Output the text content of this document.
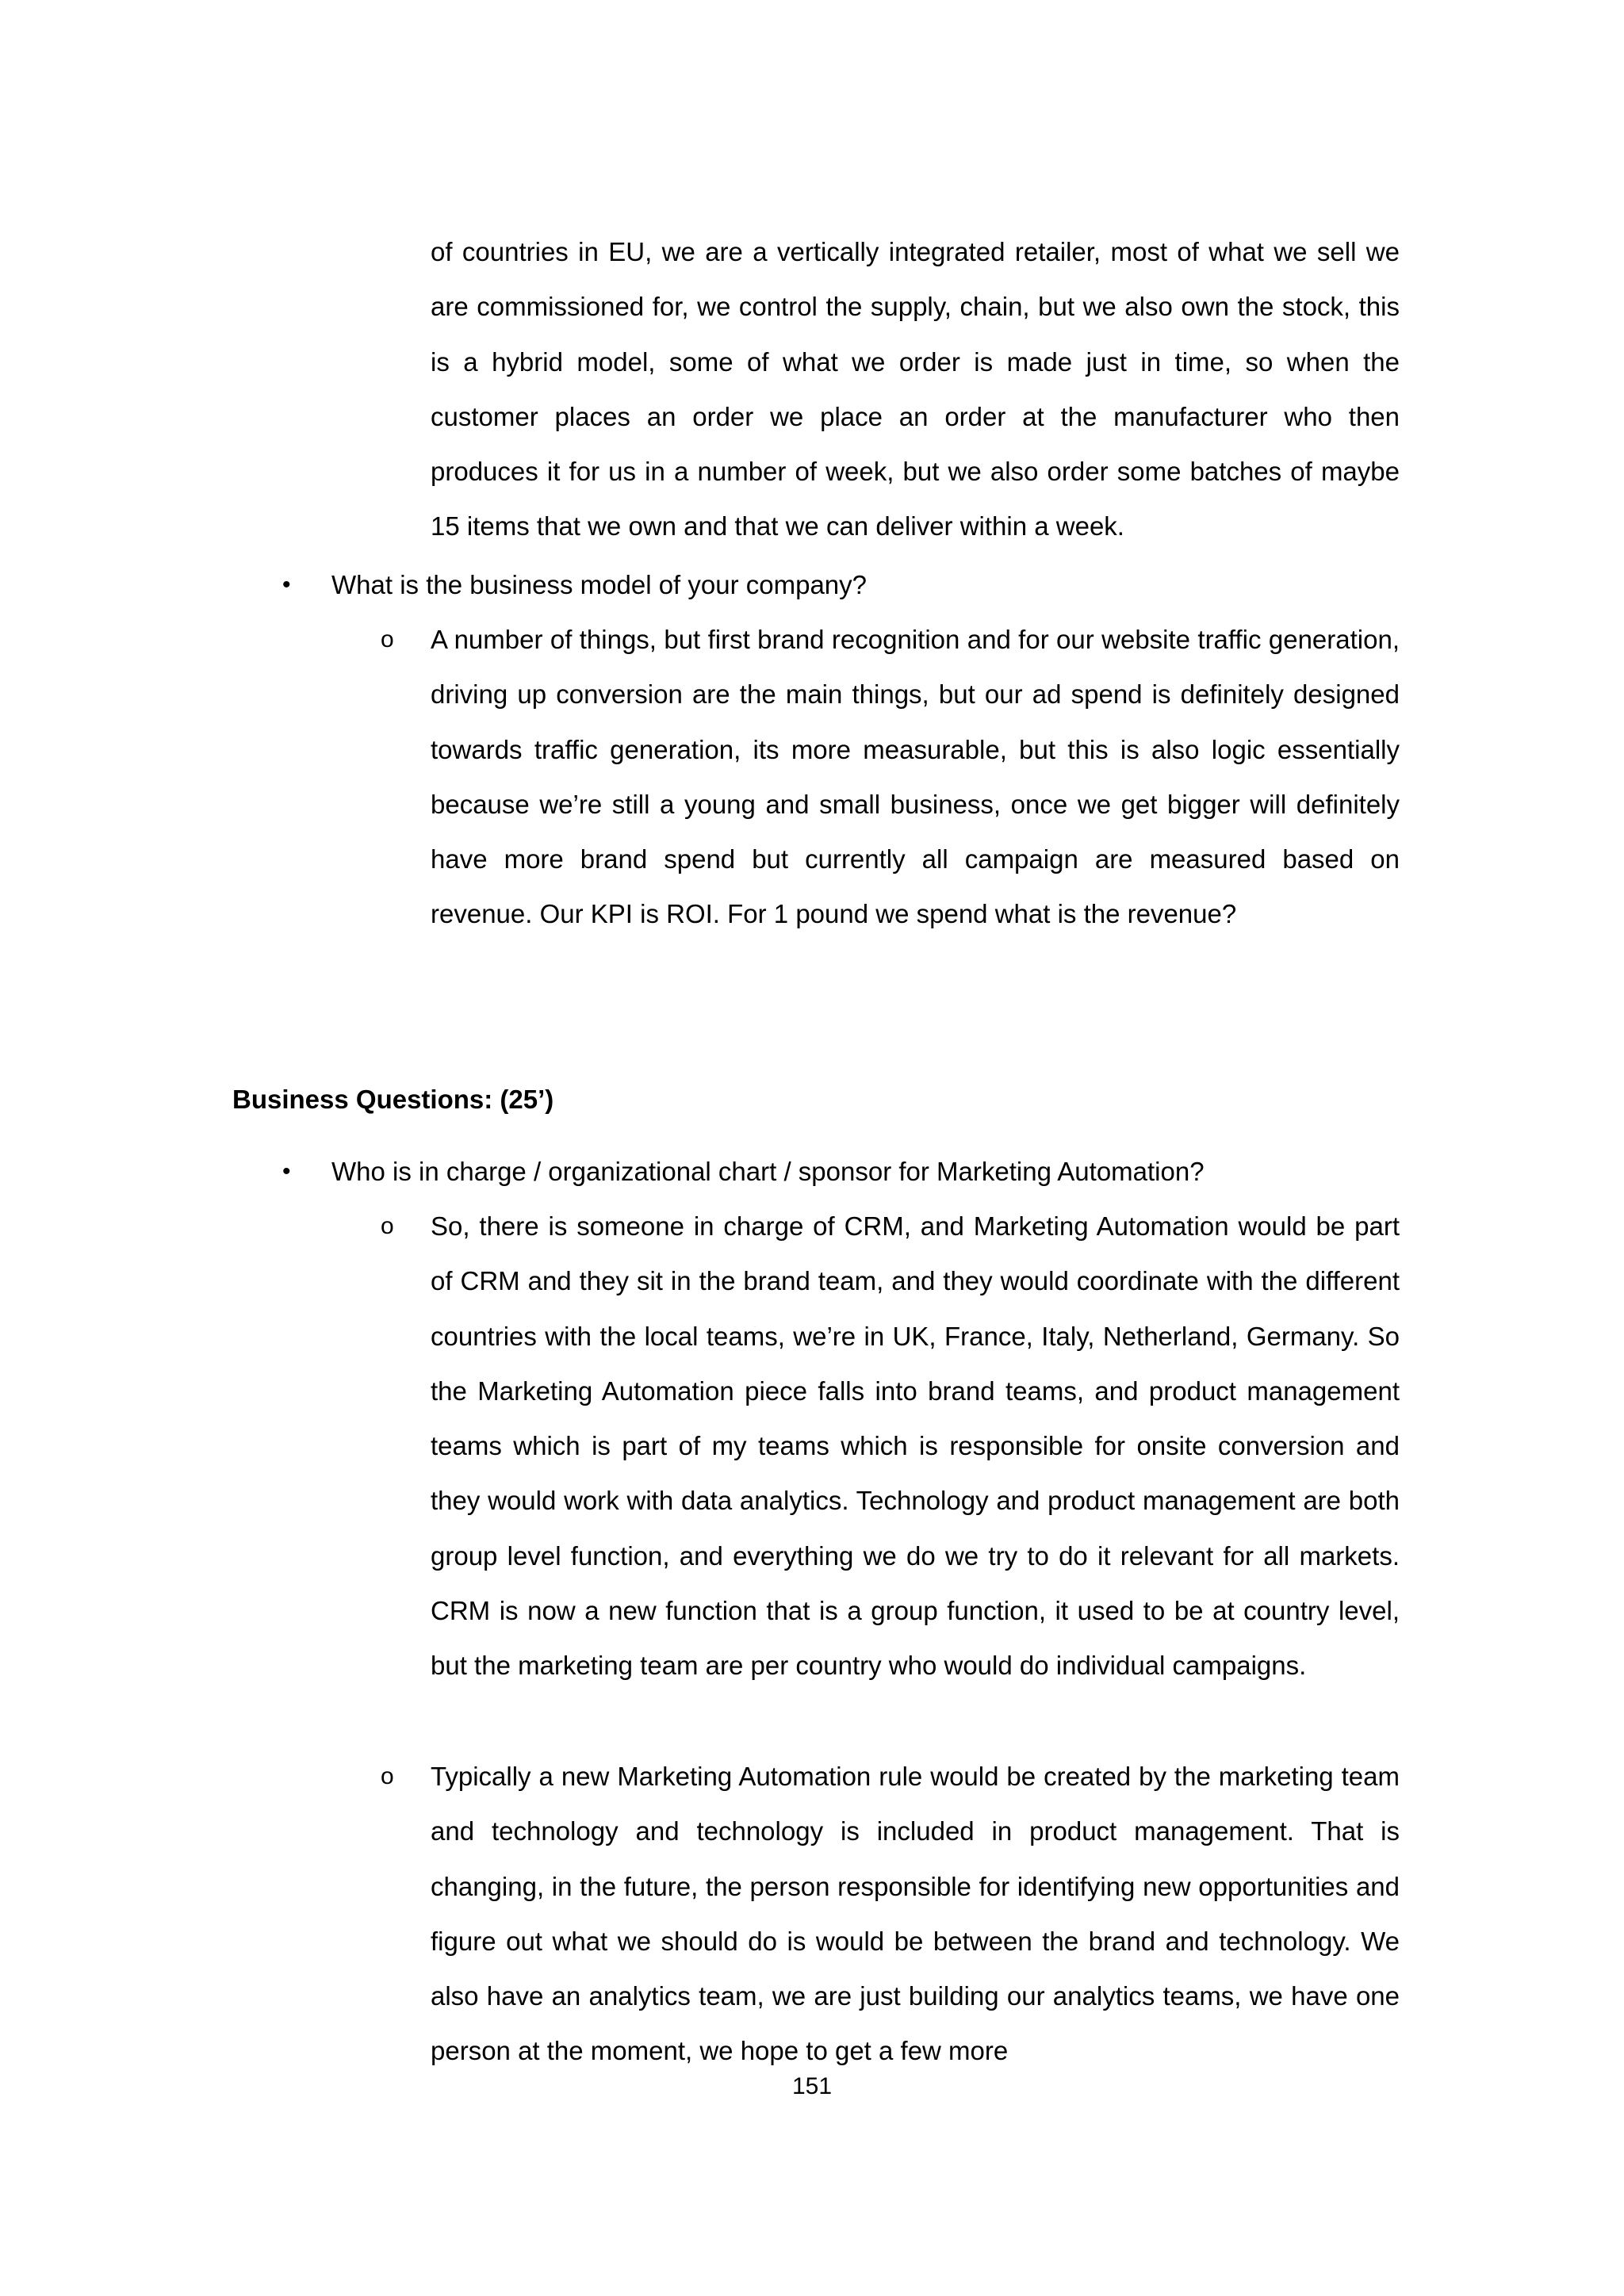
of countries in EU, we are a vertically integrated retailer, most of what we sell we are commissioned for, we control the supply, chain, but we also own the stock, this is a hybrid model, some of what we order is made just in time, so when the customer places an order we place an order at the manufacturer who then produces it for us in a number of week, but we also order some batches of maybe 15 items that we own and that we can deliver within a week.

• What is the business model of your company?

o A number of things, but first brand recognition and for our website traffic generation, driving up conversion are the main things, but our ad spend is definitely designed towards traffic generation, its more measurable, but this is also logic essentially because we’re still a young and small business, once we get bigger will definitely have more brand spend but currently all campaign are measured based on revenue. Our KPI is ROI. For 1 pound we spend what is the revenue?

Business Questions: (25’)

• Who is in charge / organizational chart / sponsor for Marketing Automation?

o So, there is someone in charge of CRM, and Marketing Automation would be part of CRM and they sit in the brand team, and they would coordinate with the different countries with the local teams, we’re in UK, France, Italy, Netherland, Germany. So the Marketing Automation piece falls into brand teams, and product management teams which is part of my teams which is responsible for onsite conversion and they would work with data analytics. Technology and product management are both group level function, and everything we do we try to do it relevant for all markets. CRM is now a new function that is a group function, it used to be at country level, but the marketing team are per country who would do individual campaigns.

o Typically a new Marketing Automation rule would be created by the marketing team and technology and technology is included in product management. That is changing, in the future, the person responsible for identifying new opportunities and figure out what we should do is would be between the brand and technology. We also have an analytics team, we are just building our analytics teams, we have one person at the moment, we hope to get a few more

151
